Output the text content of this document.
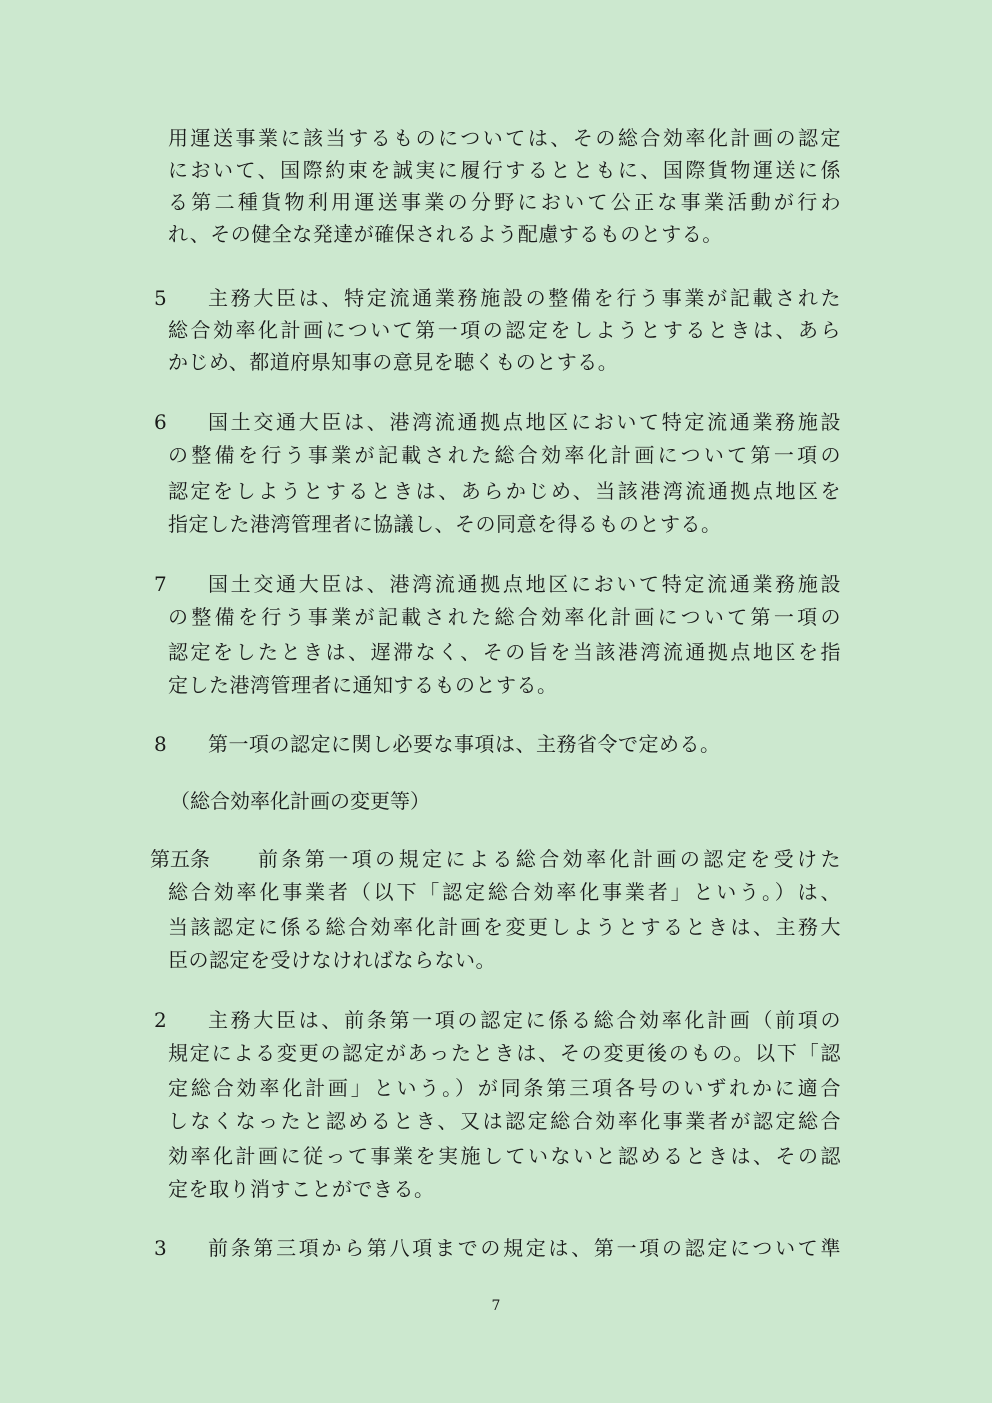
用運送事業に該当するものについては、その総合効率化計画の認定
において、国際約束を誠実に履行するとともに、国際貨物運送に係
る第二種貨物利用運送事業の分野において公正な事業活動が行わ
れ、その健全な発達が確保されるよう配慮するものとする。
5	主務大臣は、特定流通業務施設の整備を行う事業が記載された
総合効率化計画について第一項の認定をしようとするときは、あら
かじめ、都道府県知事の意見を聴くものとする。
6	国土交通大臣は、港湾流通拠点地区において特定流通業務施設
の整備を行う事業が記載された総合効率化計画について第一項の
認定をしようとするときは、あらかじめ、当該港湾流通拠点地区を
指定した港湾管理者に協議し、その同意を得るものとする。
7	国土交通大臣は、港湾流通拠点地区において特定流通業務施設
の整備を行う事業が記載された総合効率化計画について第一項の
認定をしたときは、遅滞なく、その旨を当該港湾流通拠点地区を指
定した港湾管理者に通知するものとする。
8	第一項の認定に関し必要な事項は、主務省令で定める。
（総合効率化計画の変更等）
第五条 前条第一項の規定による総合効率化計画の認定を受けた
総合効率化事業者（以下「認定総合効率化事業者」という。）は、
当該認定に係る総合効率化計画を変更しようとするときは、主務大
臣の認定を受けなければならない。
2	主務大臣は、前条第一項の認定に係る総合効率化計画（前項の
規定による変更の認定があったときは、その変更後のもの。以下「認
定総合効率化計画」という。）が同条第三項各号のいずれかに適合
しなくなったと認めるとき、又は認定総合効率化事業者が認定総合
効率化計画に従って事業を実施していないと認めるときは、その認
定を取り消すことができる。
3	前条第三項から第八項までの規定は、第一項の認定について準
7
